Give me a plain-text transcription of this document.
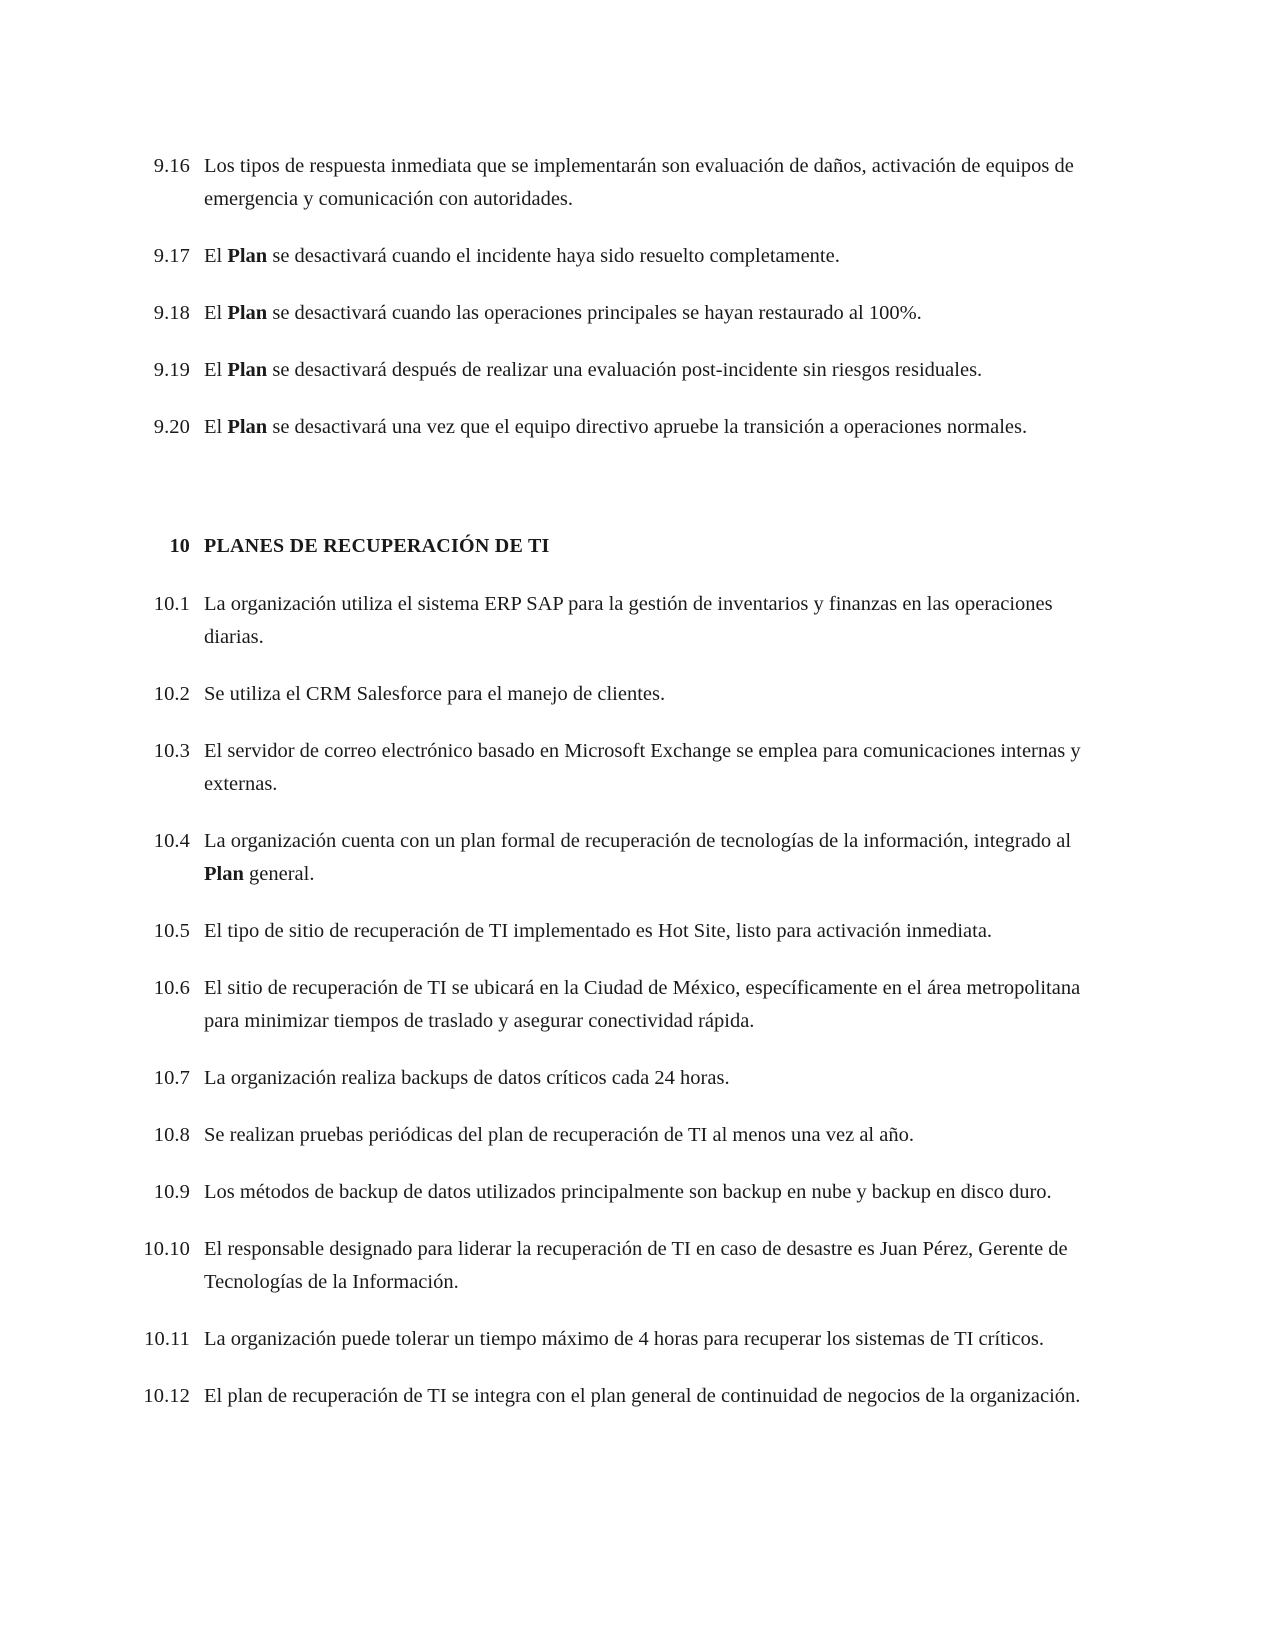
9.16 Los tipos de respuesta inmediata que se implementarán son evaluación de daños, activación de equipos de emergencia y comunicación con autoridades.
9.17 El Plan se desactivará cuando el incidente haya sido resuelto completamente.
9.18 El Plan se desactivará cuando las operaciones principales se hayan restaurado al 100%.
9.19 El Plan se desactivará después de realizar una evaluación post-incidente sin riesgos residuales.
9.20 El Plan se desactivará una vez que el equipo directivo apruebe la transición a operaciones normales.
10 PLANES DE RECUPERACIÓN DE TI
10.1 La organización utiliza el sistema ERP SAP para la gestión de inventarios y finanzas en las operaciones diarias.
10.2 Se utiliza el CRM Salesforce para el manejo de clientes.
10.3 El servidor de correo electrónico basado en Microsoft Exchange se emplea para comunicaciones internas y externas.
10.4 La organización cuenta con un plan formal de recuperación de tecnologías de la información, integrado al Plan general.
10.5 El tipo de sitio de recuperación de TI implementado es Hot Site, listo para activación inmediata.
10.6 El sitio de recuperación de TI se ubicará en la Ciudad de México, específicamente en el área metropolitana para minimizar tiempos de traslado y asegurar conectividad rápida.
10.7 La organización realiza backups de datos críticos cada 24 horas.
10.8 Se realizan pruebas periódicas del plan de recuperación de TI al menos una vez al año.
10.9 Los métodos de backup de datos utilizados principalmente son backup en nube y backup en disco duro.
10.10 El responsable designado para liderar la recuperación de TI en caso de desastre es Juan Pérez, Gerente de Tecnologías de la Información.
10.11 La organización puede tolerar un tiempo máximo de 4 horas para recuperar los sistemas de TI críticos.
10.12 El plan de recuperación de TI se integra con el plan general de continuidad de negocios de la organización.
